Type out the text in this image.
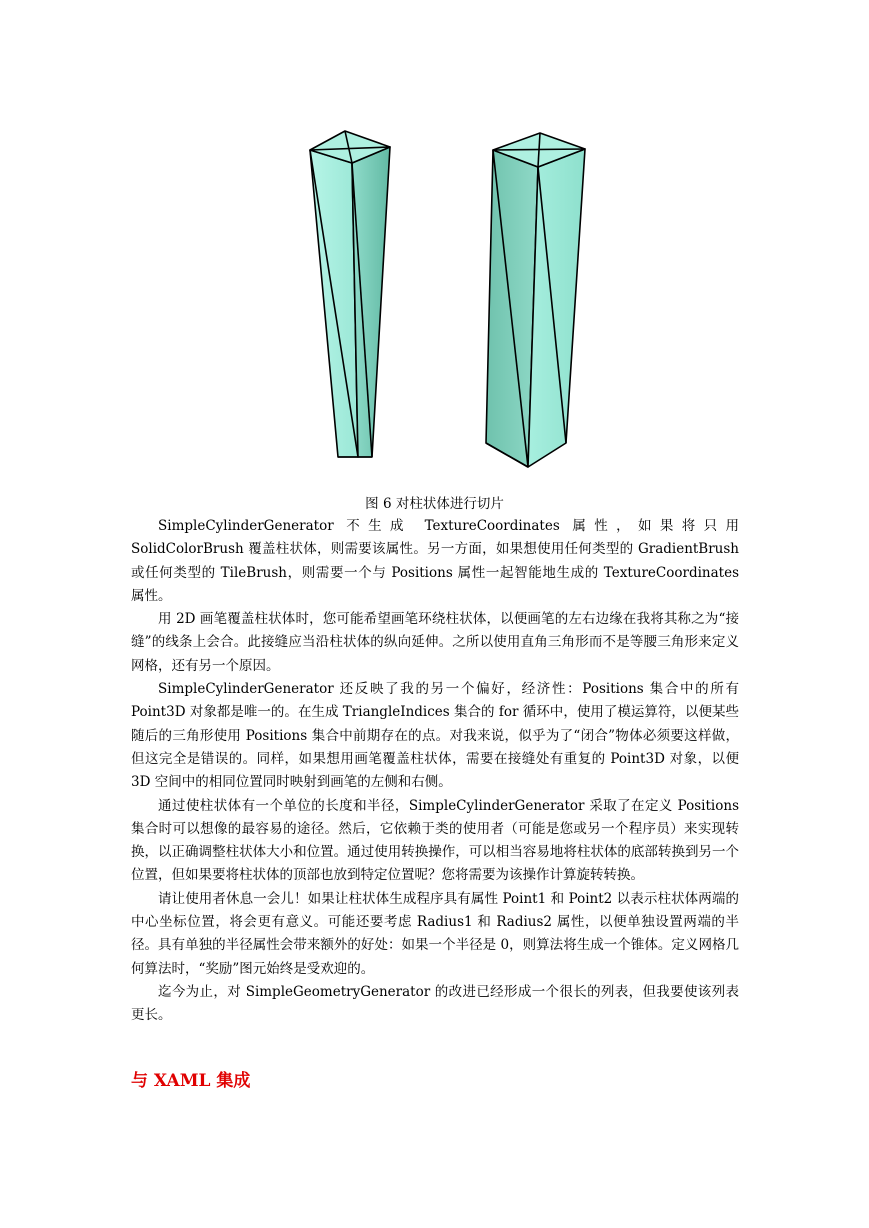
图 6 对柱状体进行切片

SimpleCylinderGenerator 不生成 TextureCoordinates 属性，如果将只用 SolidColorBrush 覆盖柱状体，则需要该属性。另一方面，如果想使用任何类型的 GradientBrush 或任何类型的 TileBrush，则需要一个与 Positions 属性一起智能地生成的 TextureCoordinates 属性。

用 2D 画笔覆盖柱状体时，您可能希望画笔环绕柱状体，以便画笔的左右边缘在我将其称之为“接缝”的线条上会合。此接缝应当沿柱状体的纵向延伸。之所以使用直角三角形而不是等腰三角形来定义网格，还有另一个原因。

SimpleCylinderGenerator 还反映了我的另一个偏好，经济性：Positions 集合中的所有 Point3D 对象都是唯一的。在生成 TriangleIndices 集合的 for 循环中，使用了模运算符，以便某些随后的三角形使用 Positions 集合中前期存在的点。对我来说，似乎为了“闭合”物体必须要这样做，但这完全是错误的。同样，如果想用画笔覆盖柱状体，需要在接缝处有重复的 Point3D 对象，以便 3D 空间中的相同位置同时映射到画笔的左侧和右侧。

通过使柱状体有一个单位的长度和半径，SimpleCylinderGenerator 采取了在定义 Positions 集合时可以想像的最容易的途径。然后，它依赖于类的使用者（可能是您或另一个程序员）来实现转换，以正确调整柱状体大小和位置。通过使用转换操作，可以相当容易地将柱状体的底部转换到另一个位置，但如果要将柱状体的顶部也放到特定位置呢？您将需要为该操作计算旋转转换。

请让使用者休息一会儿！如果让柱状体生成程序具有属性 Point1 和 Point2 以表示柱状体两端的中心坐标位置，将会更有意义。可能还要考虑 Radius1 和 Radius2 属性，以便单独设置两端的半径。具有单独的半径属性会带来额外的好处：如果一个半径是 0，则算法将生成一个锥体。定义网格几何算法时，“奖励”图元始终是受欢迎的。

迄今为止，对 SimpleGeometryGenerator 的改进已经形成一个很长的列表，但我要使该列表更长。

与 XAML 集成
